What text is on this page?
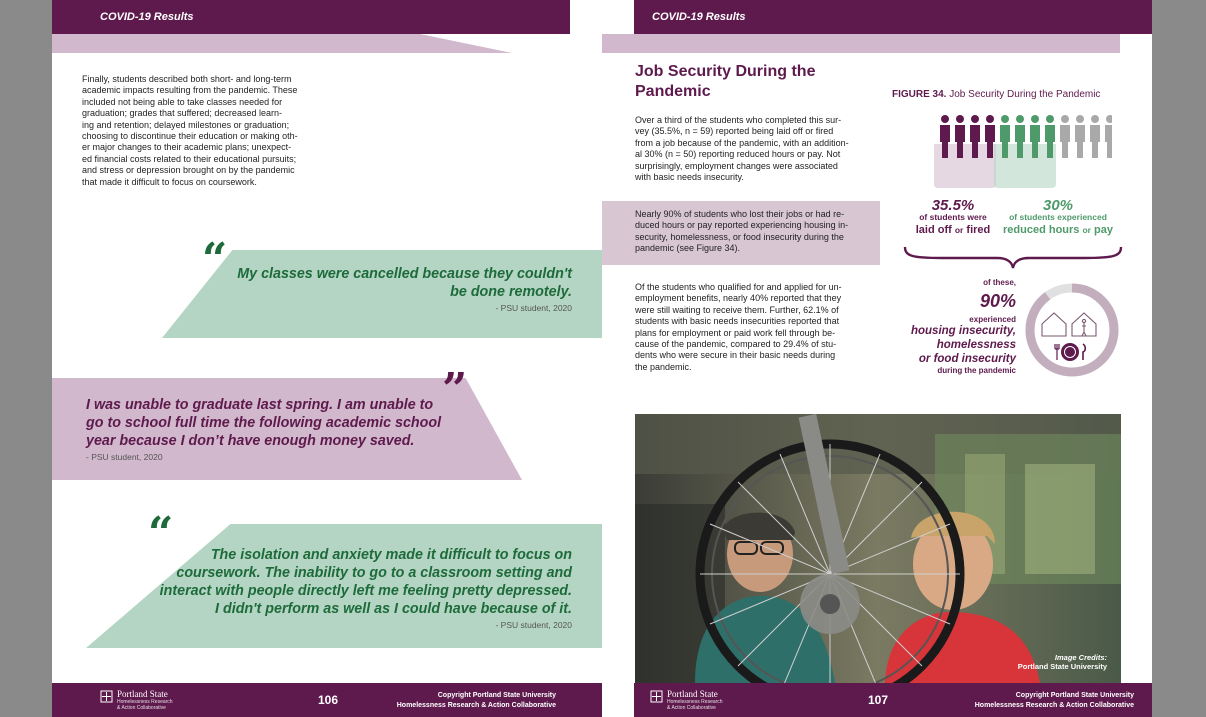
COVID-19 Results
Finally, students described both short- and long-term
academic impacts resulting from the pandemic. These
included not being able to take classes needed for
graduation; grades that suffered; decreased learn-
ing and retention; delayed milestones or graduation;
choosing to discontinue their education or making oth-
er major changes to their academic plans; unexpect-
ed financial costs related to their educational pursuits;
and stress or depression brought on by the pandemic
that made it difficult to focus on coursework.
“ My classes were cancelled because they couldn't
be done remotely.
- PSU student, 2020
”
I was unable to graduate last spring. I am unable to
go to school full time the following academic school
year because I don’t have enough money saved.
- PSU student, 2020
“	The isolation and anxiety made it difficult to focus on
coursework. The inability to go to a classroom setting and
interact with people directly left me feeling pretty depressed.
I didn't perform as well as I could have because of it.
- PSU student, 2020
Portland State
Homelessness Research
& Action Collaborative
106	Copyright Portland State University
Homelessness Research & Action Collaborative
COVID-19 Results
Job Security During the
Pandemic
Over a third of the students who completed this sur-
vey (35.5%, n = 59) reported being laid off or fired
from a job because of the pandemic, with an addition-
al 30% (n = 50) reporting reduced hours or pay. Not
surprisingly, employment changes were associated
with basic needs insecurity.

Nearly 90% of students who lost their jobs or had re-
duced hours or pay reported experiencing housing in-
security, homelessness, or food insecurity during the
pandemic (see Figure 34).

Of the students who qualified for and applied for un-
employment benefits, nearly 40% reported that they
were still waiting to receive them. Further, 62.1% of
students with basic needs insecurities reported that
plans for employment or paid work fell through be-
cause of the pandemic, compared to 29.4% of stu-
dents who were secure in their basic needs during
the pandemic.
FIGURE 34. Job Security During the Pandemic
35.5%
of students were
laid off or fired
30%
of students experienced
reduced hours or pay
of these,
90%
experienced
housing insecurity,
homelessness
or food insecurity
during the pandemic
Image Credits:
Portland State University
Portland State
Homelessness Research
& Action Collaborative
107	Copyright Portland State University
Homelessness Research & Action Collaborative
